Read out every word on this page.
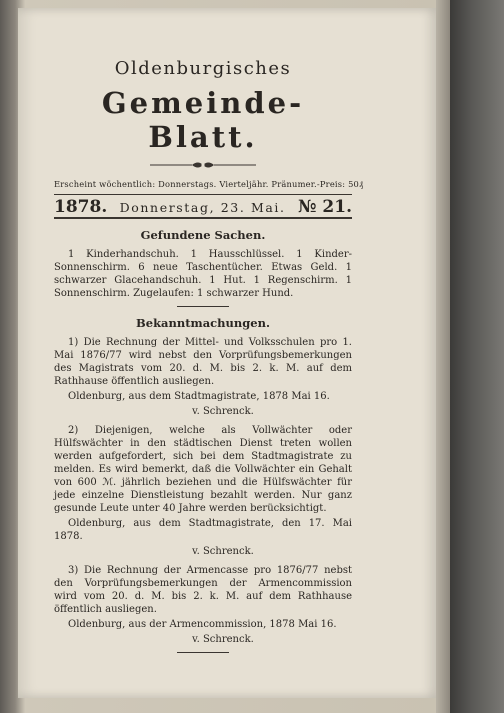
Oldenburgisches
Gemeinde-Blatt.
Erscheint wöchentlich: Donnerstags. Vierteljähr. Pränumer.-Preis: 50₰
1878. Donnerstag, 23. Mai. № 21.
Gefundene Sachen.

1 Kinderhandschuh. 1 Hausschlüssel. 1 Kinder-Sonnenschirm. 6 neue Taschentücher. Etwas Geld. 1 schwarzer Glacehandschuh. 1 Hut. 1 Regenschirm. 1 Sonnenschirm. Zugelaufen: 1 schwarzer Hund.

Bekanntmachungen.

1) Die Rechnung der Mittel- und Volksschulen pro 1. Mai 1876/77 wird nebst den Vorprüfungsbemerkungen des Magistrats vom 20. d. M. bis 2. k. M. auf dem Rathhause öffentlich ausliegen.

Oldenburg, aus dem Stadtmagistrate, 1878 Mai 16.

v. Schrenck.

2) Diejenigen, welche als Vollwächter oder Hülfswächter in den städtischen Dienst treten wollen werden aufgefordert, sich bei dem Stadtmagistrate zu melden. Es wird bemerkt, daß die Vollwächter ein Gehalt von 600 ℳ. jährlich beziehen und die Hülfswächter für jede einzelne Dienstleistung bezahlt werden. Nur ganz gesunde Leute unter 40 Jahre werden berücksichtigt.

Oldenburg, aus dem Stadtmagistrate, den 17. Mai 1878.

v. Schrenck.

3) Die Rechnung der Armencasse pro 1876/77 nebst den Vorprüfungsbemerkungen der Armencommission wird vom 20. d. M. bis 2. k. M. auf dem Rathhause öffentlich ausliegen.

Oldenburg, aus der Armencommission, 1878 Mai 16.

v. Schrenck.
